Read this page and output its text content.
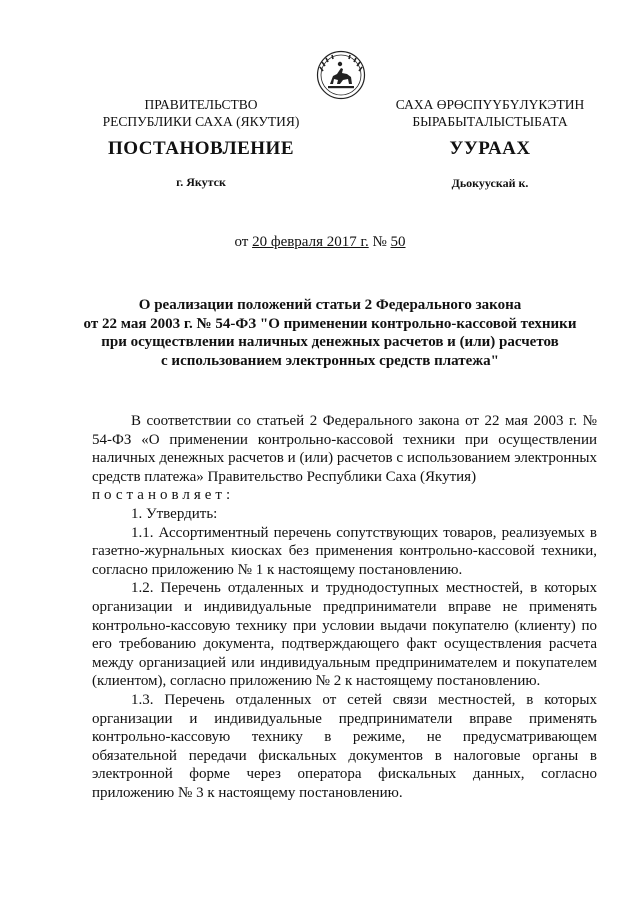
ПРАВИТЕЛЬСТВО
РЕСПУБЛИКИ САХА (ЯКУТИЯ)
САХА ӨРӨСПҮҮБҮЛҮКЭТИН
БЫРАБЫТАЛЫСТЫБАТА
ПОСТАНОВЛЕНИЕ	УУРААХ
г. Якутск	Дьокуускай к.
от 20 февраля 2017 г. № 50
О реализации положений статьи 2 Федерального закона
от 22 мая 2003 г. № 54-ФЗ "О применении контрольно-кассовой техники
при осуществлении наличных денежных расчетов и (или) расчетов
с использованием электронных средств платежа"

В соответствии со статьей 2 Федерального закона от 22 мая 2003 г. № 54-ФЗ «О применении контрольно-кассовой техники при осуществлении наличных денежных расчетов и (или) расчетов с использованием электронных средств платежа» Правительство Республики Саха (Якутия)
постановляет:

1. Утвердить:

1.1. Ассортиментный перечень сопутствующих товаров, реализуемых в газетно-журнальных киосках без применения контрольно-кассовой техники, согласно приложению № 1 к настоящему постановлению.

1.2. Перечень отдаленных и труднодоступных местностей, в которых организации и индивидуальные предприниматели вправе не применять контрольно-кассовую технику при условии выдачи покупателю (клиенту) по его требованию документа, подтверждающего факт осуществления расчета между организацией или индивидуальным предпринимателем и покупателем (клиентом), согласно приложению № 2 к настоящему постановлению.

1.3. Перечень отдаленных от сетей связи местностей, в которых организации и индивидуальные предприниматели вправе применять контрольно-кассовую технику в режиме, не предусматривающем обязательной передачи фискальных документов в налоговые органы в электронной форме через оператора фискальных данных, согласно приложению № 3 к настоящему постановлению.
